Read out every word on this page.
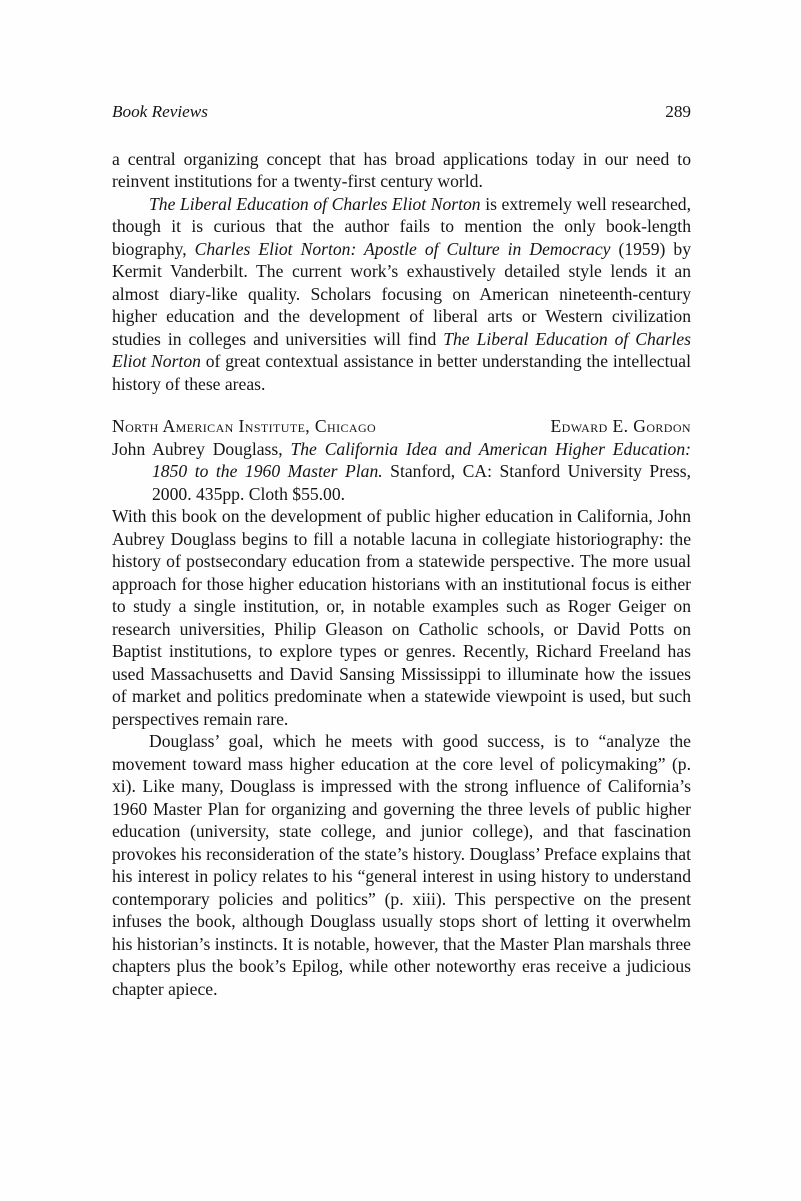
Book Reviews	289

a central organizing concept that has broad applications today in our need to reinvent institutions for a twenty-first century world.

The Liberal Education of Charles Eliot Norton is extremely well researched, though it is curious that the author fails to mention the only book-length biography, Charles Eliot Norton: Apostle of Culture in Democracy (1959) by Kermit Vanderbilt. The current work’s exhaustively detailed style lends it an almost diary-like quality. Scholars focusing on American nineteenth-century higher education and the development of liberal arts or Western civilization studies in colleges and universities will find The Liberal Education of Charles Eliot Norton of great contextual assistance in better understanding the intellectual history of these areas.

North American Institute, Chicago	Edward E. Gordon

John Aubrey Douglass, The California Idea and American Higher Education: 1850 to the 1960 Master Plan. Stanford, CA: Stanford University Press, 2000. 435pp. Cloth $55.00.

With this book on the development of public higher education in California, John Aubrey Douglass begins to fill a notable lacuna in collegiate historiography: the history of postsecondary education from a statewide perspective. The more usual approach for those higher education historians with an institutional focus is either to study a single institution, or, in notable examples such as Roger Geiger on research universities, Philip Gleason on Catholic schools, or David Potts on Baptist institutions, to explore types or genres. Recently, Richard Freeland has used Massachusetts and David Sansing Mississippi to illuminate how the issues of market and politics predominate when a statewide viewpoint is used, but such perspectives remain rare.

Douglass’ goal, which he meets with good success, is to “analyze the movement toward mass higher education at the core level of policymaking” (p. xi). Like many, Douglass is impressed with the strong influence of California’s 1960 Master Plan for organizing and governing the three levels of public higher education (university, state college, and junior college), and that fascination provokes his reconsideration of the state’s history. Douglass’ Preface explains that his interest in policy relates to his “general interest in using history to understand contemporary policies and politics” (p. xiii). This perspective on the present infuses the book, although Douglass usually stops short of letting it overwhelm his historian’s instincts. It is notable, however, that the Master Plan marshals three chapters plus the book’s Epilog, while other noteworthy eras receive a judicious chapter apiece.
